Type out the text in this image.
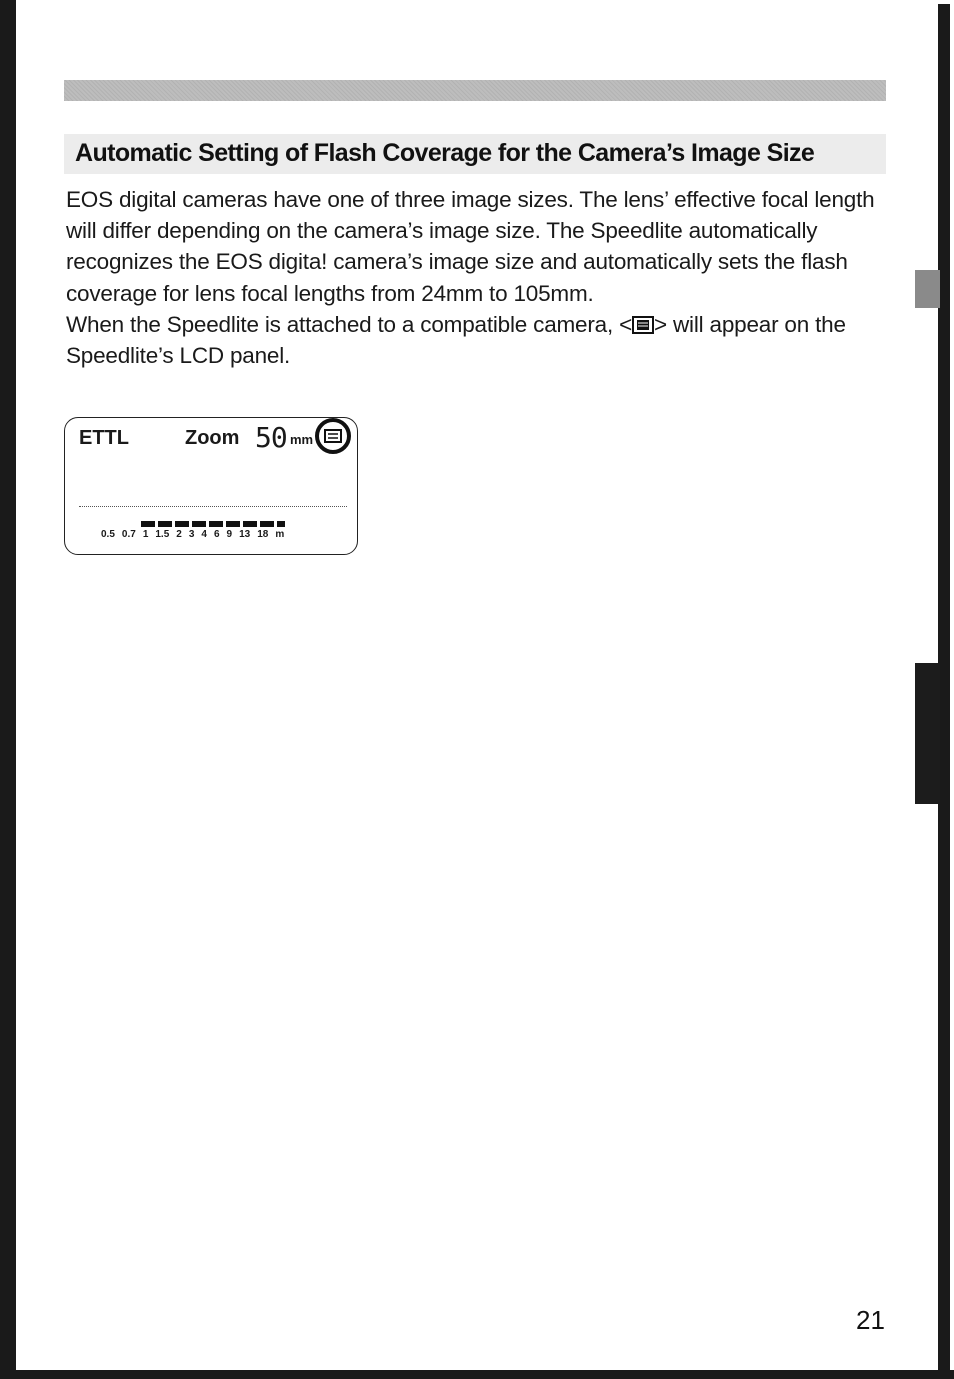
Automatic Setting of Flash Coverage for the Camera’s Image Size

EOS digital cameras have one of three image sizes. The lens’ effective focal length will differ depending on the camera’s image size. The Speedlite automatically recognizes the EOS digita! camera’s image size and automatically sets the flash coverage for lens focal lengths from 24mm to 105mm.

When the Speedlite is attached to a compatible camera, < > will appear on the Speedlite’s LCD panel.

ETTL	Zoom 50 mm
0.5 0.7 1 1.5 2 3 4 6 9 13 18 m
21
